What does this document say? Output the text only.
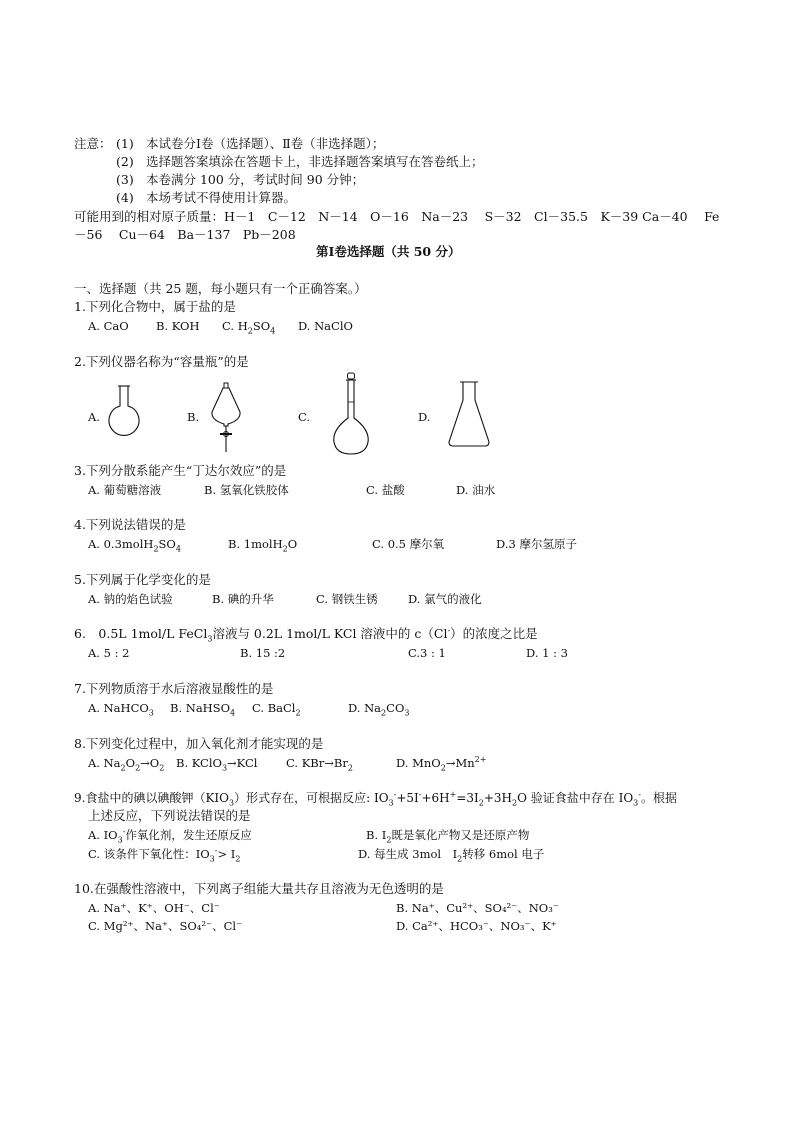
注意： (1) 本试卷分Ⅰ卷（选择题）、Ⅱ卷（非选择题）；
(2) 选择题答案填涂在答题卡上，非选择题答案填写在答卷纸上；
(3) 本卷满分 100 分，考试时间 90 分钟；
(4) 本场考试不得使用计算器。
可能用到的相对原子质量：H－1　C－12　N－14　O－16　Na－23　 S－32　Cl－35.5　K－39 Ca－40　 Fe
－56　 Cu－64　Ba－137　Pb－208
第Ⅰ卷选择题（共 50 分）
一、选择题（共 25 题，每小题只有一个正确答案。）
1.下列化合物中，属于盐的是
A. CaO B. KOH C. $H_2SO_4$ D. NaClO
2.下列仪器名称为“容量瓶”的是
A.	B.	C.	D.
3.下列分散系能产生“丁达尔效应”的是
A. 葡萄糖溶液	B. 氢氧化铁胶体	C. 盐酸	D. 油水
4.下列说法错误的是
A. $0.3molH_2SO_4$	B. 1molH$_2$O	C. 0.5 摩尔氧	D.3 摩尔氢原子
5.下列属于化学变化的是
A. 钠的焰色试验	B. 碘的升华	C. 钢铁生锈	D. 氯气的液化
6.　0.5L 1mol/L FeCl$_3$溶液与 0.2L 1mol/L KCl 溶液中的 c（Cl-）的浓度之比是
A. 5 : 2	B. 15 :2	C.3 : 1	D. 1 : 3
7.下列物质溶于水后溶液显酸性的是
A. NaHCO$_3$ B. NaHSO$_4$ C. BaCl$_2$	D. $Na_2CO_3$
8.下列变化过程中，加入氧化剂才能实现的是
A. $Na_2O_2\to O_2$ B. KClO$_3$→KCl C. $KBr\to Br_2$	D. $MnO_2\to Mn^{2+}$
9.食盐中的碘以碘酸钾$(KIO_3)$形式存在，可根据反应: $IO_3^-+5I^-+6H^+=3I_2+3H_2O$ 验证食盐中存在 $IO_3^-$。根据
上述反应，下列说法错误的是
A. $IO_3^-$作氧化剂，发生还原反应	B. $I_2$既是氧化产物又是还原产物
C. 该条件下氧化性：$IO_3^-> I_2$	D. 每生成 3mol　$I_2$转移 6mol 电子
10.在强酸性溶液中，下列离子组能大量共存且溶液为无色透明的是
A. Na⁺、K⁺、OH⁻、Cl⁻	B. Na⁺、Cu²⁺、SO₄²⁻、NO₃⁻
C. Mg²⁺、Na⁺、SO₄²⁻、Cl⁻	D. Ca²⁺、HCO₃⁻、NO₃⁻、K⁺
